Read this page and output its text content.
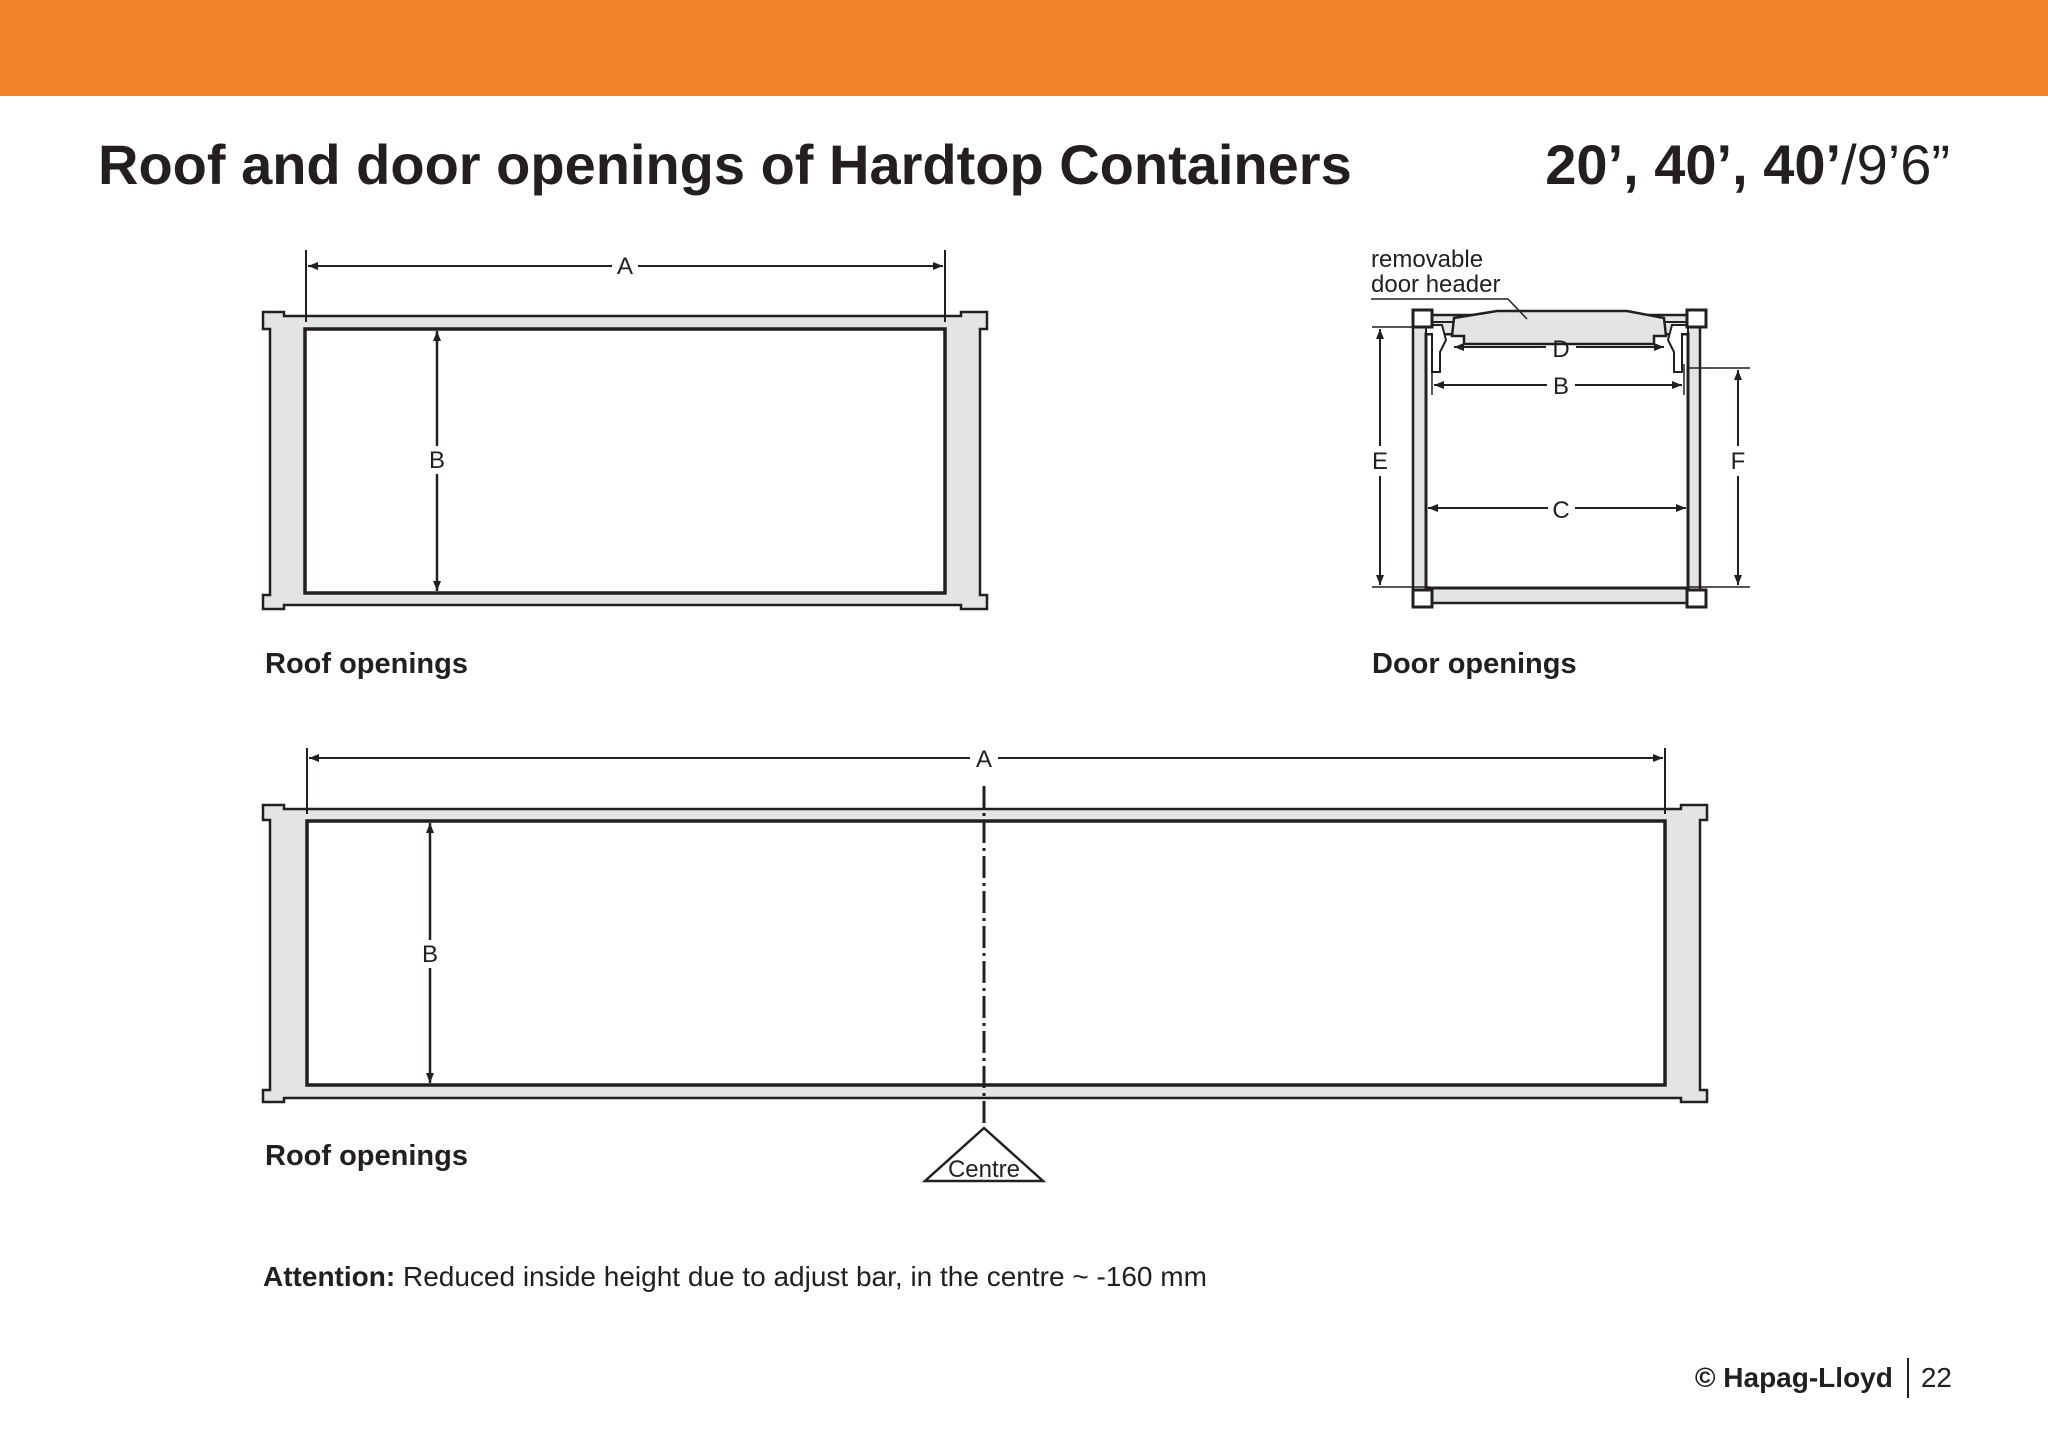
Roof and door openings of Hardtop Containers	20’, 40’, 40’/9’6”
A
B
removable
door header
D
B
C
E	F
A
B
Centre
Roof openings	Door openings
Roof openings
Attention: Reduced inside height due to adjust bar, in the centre ~ -160 mm
© Hapag-Lloyd	22
